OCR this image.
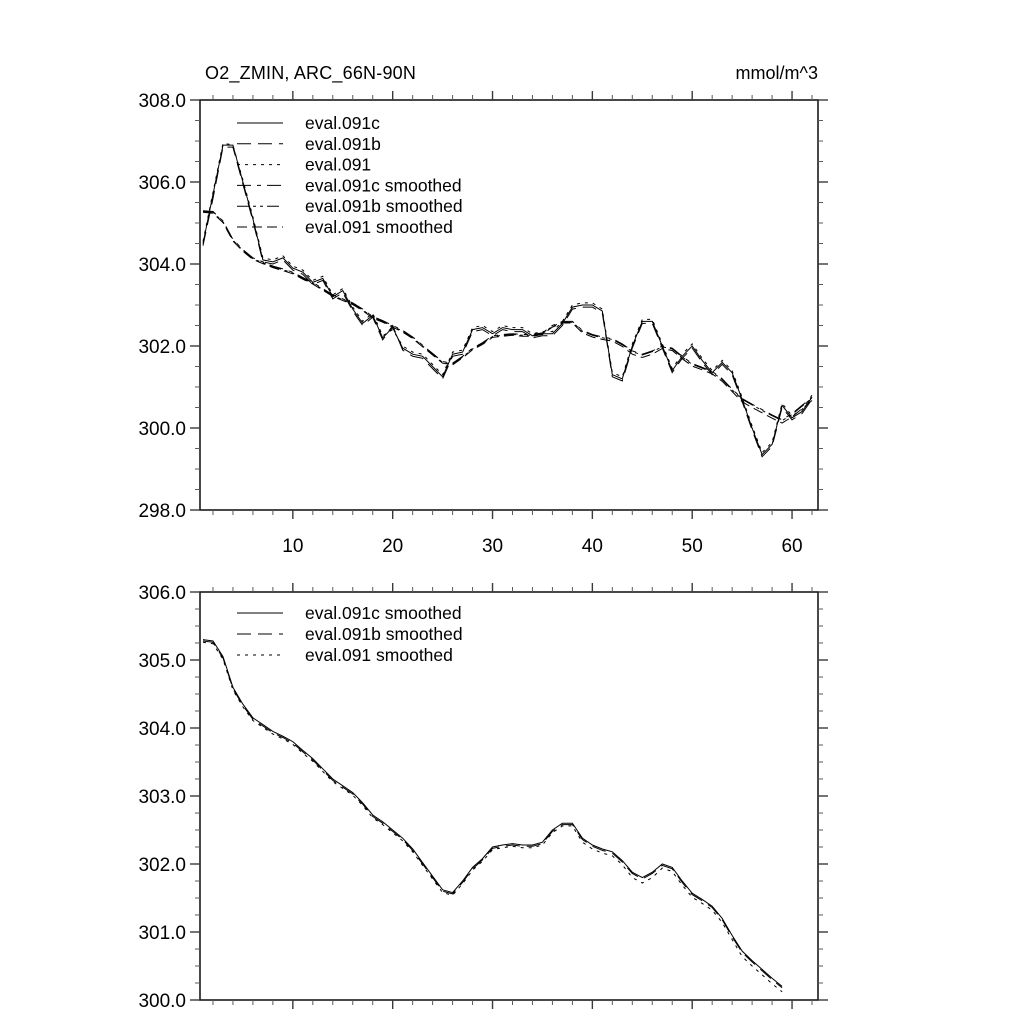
O2_ZMIN, ARC_66N-90N	mmol/m^3
10	20	30	40	50	60
298.0
300.0
302.0
304.0
306.0
308.0
eval.091c
eval.091b
eval.091
eval.091c smoothed
eval.091b smoothed
eval.091 smoothed
300.0
301.0
302.0
303.0
304.0
305.0
306.0
eval.091c smoothed
eval.091b smoothed
eval.091 smoothed
